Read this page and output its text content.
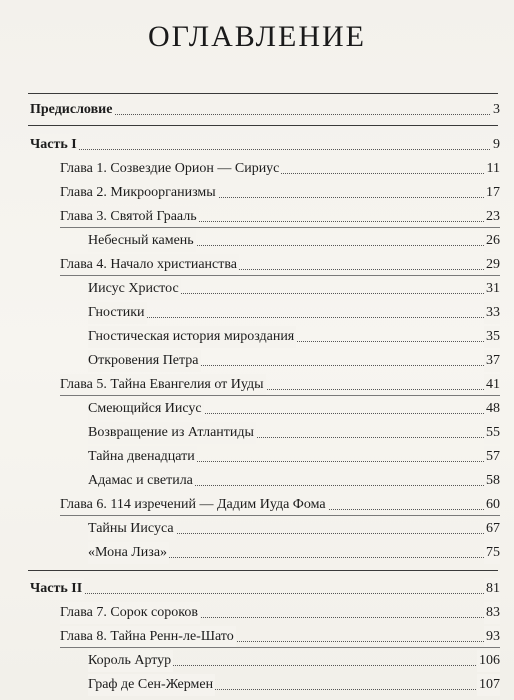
ОГЛАВЛЕНИЕ
Предисловие	3
Часть I	9
Глава 1. Созвездие Орион — Сириус	11
Глава 2. Микроорганизмы	17
Глава 3. Святой Грааль	23
Небесный камень	26
Глава 4. Начало христианства	29
Иисус Христос	31
Гностики	33
Гностическая история мироздания	35
Откровения Петра	37
Глава 5. Тайна Евангелия от Иуды	41
Смеющийся Иисус	48
Возвращение из Атлантиды	55
Тайна двенадцати	57
Адамас и светила	58
Глава 6. 114 изречений — Дадим Иуда Фома	60
Тайны Иисуса	67
«Мона Лиза»	75
Часть II	81
Глава 7. Сорок сороков	83
Глава 8. Тайна Ренн-ле-Шато	93
Король Артур	106
Граф де Сен-Жермен	107
